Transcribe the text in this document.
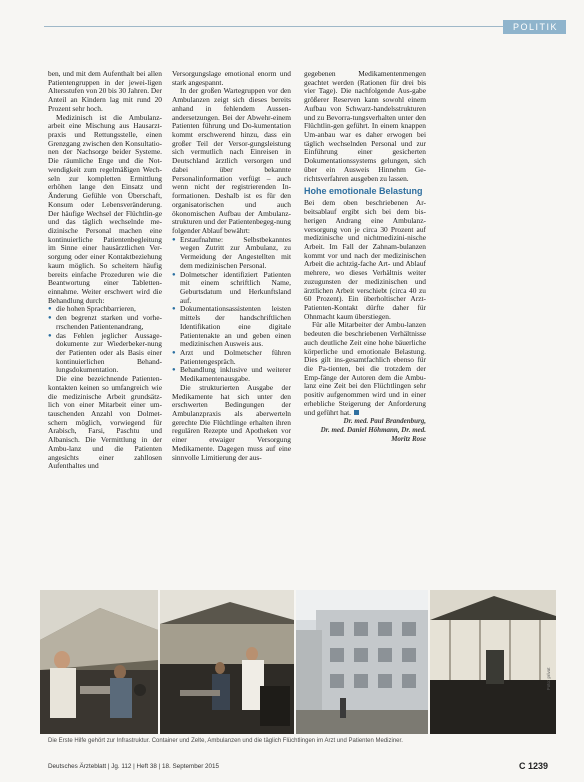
POLITIK

ben, und mit dem Aufenthalt bei allen Patientengruppen in der jewei-ligen Altersstufen von 20 bis 30 Jahren. Der Anteil an Kindern lag mit rund 20 Prozent sehr hoch.

Medizinisch ist die Ambulanz-arbeit eine Mischung aus Hausarzt-praxis und Rettungsstelle, einen Grenzgang zwischen den Konsultatio-nen der Nachsorge beider Systeme. Die räumliche Enge und die Not-wendigkeit zum regelmäßigen Wech-seln zur kompletten Ermittlung erhöhen lange den Einsatz und Änderung Gefühle von Überschaft, Konsum oder Lebensveränderung. Der häufige Wechsel der Flüchtlin-ge und das täglich wechselnde me-dizinische Personal machen eine kontinuierliche Patientenbegleitung im Sinne einer hausärztlichen Ver-sorgung oder einer Kontaktbeziehung kaum möglich. So scheitern häufig bereits einfache Prozeduren wie die Beantwortung einer Tabletten-einnahme. Weiter erschwert wird die Behandlung durch:

● die hohen Sprachbarrieren,
● den begrenzt starken und vorhe-rrschenden Patientenandrang,
● das Fehlen jeglicher Aussage-dokumente zur Wiederbeker-nung der Patienten oder als Basis einer kontinuierlichen Behand-lungsdokumentation.

Die eine bezeichnende Patienten-kontakten keinen so umfangreich wie die medizinische Arbeit grundsätz-lich von einer Mitarbeit einer um-tauschenden Anzahl von Dolmet-schern möglich, vorwiegend für Arabisch, Farsi, Paschtu und Albanisch. Die Vermittlung in der Ambu-lanz und die Patienten angesichts einer zahllosen Aufenthaltes und

Versorgungslage emotional enorm und stark angespannt.

In der großen Wartegruppen vor den Ambulanzen zeigt sich dieses bereits anhand in fehlendem Aussen-andersetzungen. Bei der Abwehr-einem Patienten führung und Do-kumentation kommt erschwerend hinzu, dass ein großer Teil der Versor-gungsleistung sich vermutlich nach Einreisen in Deutschland ärztlich versorgen und dabei über bekannte Personalinformation verfügt – auch wenn nicht der registrierenden In-formationen. Deshalb ist es für den organisatorischen und auch ökonomischen Aufbau der Ambulanz-strukturen und der Patientenbegeg-nung folgender Ablauf bewährt:

● Erstaufnahme: Selbstbekanntes wegen Zutritt zur Ambulanz, zu Vermeidung der Angestellten mit dem medizinischen Personal.
● Dolmetscher identifiziert Patienten mit einem schriftlich Name, Geburtsdatum und Herkunftsland auf.
● Dokumentationsassistenten leisten mittels der handschriftlichen Identifikation eine digitale Patientenakte an und geben einen medizinischen Ausweis aus.
● Arzt und Dolmetscher führen Patientengespräch.
● Behandlung inklusive und weiterer Medikamentenausgabe.

Die strukturierten Ausgabe der Medikamente hat sich unter den erschwerten Bedingungen der Ambulanzpraxis als aberwerteln gerechte Die Flüchtlinge erhalten ihren regulären Rezepte und Apotheken vor einer etwaiger Versorgung Medikamente. Dagegen muss auf eine sinnvolle Limitierung der aus-

gegebenen Medikamentenmengen geachtet werden (Rationen für drei bis vier Tage). Die nachfolgende Aus-gabe größerer Reserven kann sowohl einem Aufbau von Schwarz-handelsstrukturen und zu Bevorra-tungsverhalten unter den Flüchtlin-gen geführt. In einem knappen Um-anbau war es daher erwogen bei täglich wechselnden Personal und zur Einführung einer gesicherten Dokumentationssystems gelungen, sich über ein Ausweis Hinnehm Ge-richtsverfahren ausgeben zu lassen.

Hohe emotionale Belastung

Bei dem oben beschriebenen Ar-beitsablauf ergibt sich bei dem bis-herigen Andrang eine Ambulanz-versorgung von je circa 30 Prozent auf medizinische und nichtmedizini-nische Arbeit. Im Fall der Zahnam-bulanzen kommt vor und nach der medizinischen Arbeit die achtzig-fache Art- und Ablauf mehrere, wo dieses Verhältnis weiter zuzugunsten der medizinischen und ärztlichen Arbeit verschiebt (circa 40 zu 60 Prozent). Ein überholtischer Arzt-Patienten-Kontakt dürfte daher für Ohnmacht kaum überstiegen.

Für alle Mitarbeiter der Ambu-lanzen bedeuten die beschriebenen Verhältnisse auch deutliche Zeit eine hohe bäuerliche körperliche und emotionale Belastung. Dies gilt ins-gesamtfachlich ebenso für die Pa-tienten, bei die trotzdem der Emp-fänge der Autoren dem die Ambu-lanz eine Zeit bei den Flüchtlingen sehr positiv aufgenommen wird und in einer erhebliche Steigerung der Anforderung und geführt hat.

Dr. med. Paul Brandenburg,
Dr. med. Daniel Höhmann, Dr. med. Moritz Rose
Foto: privat
Die Erste Hilfe gehört zur Infrastruktur. Container und Zelte, Ambulanzen und die täglich Flüchtlingen im Arzt und Patienten Mediziner.
Deutsches Ärzteblatt | Jg. 112 | Heft 38 | 18. September 2015	C 1239
